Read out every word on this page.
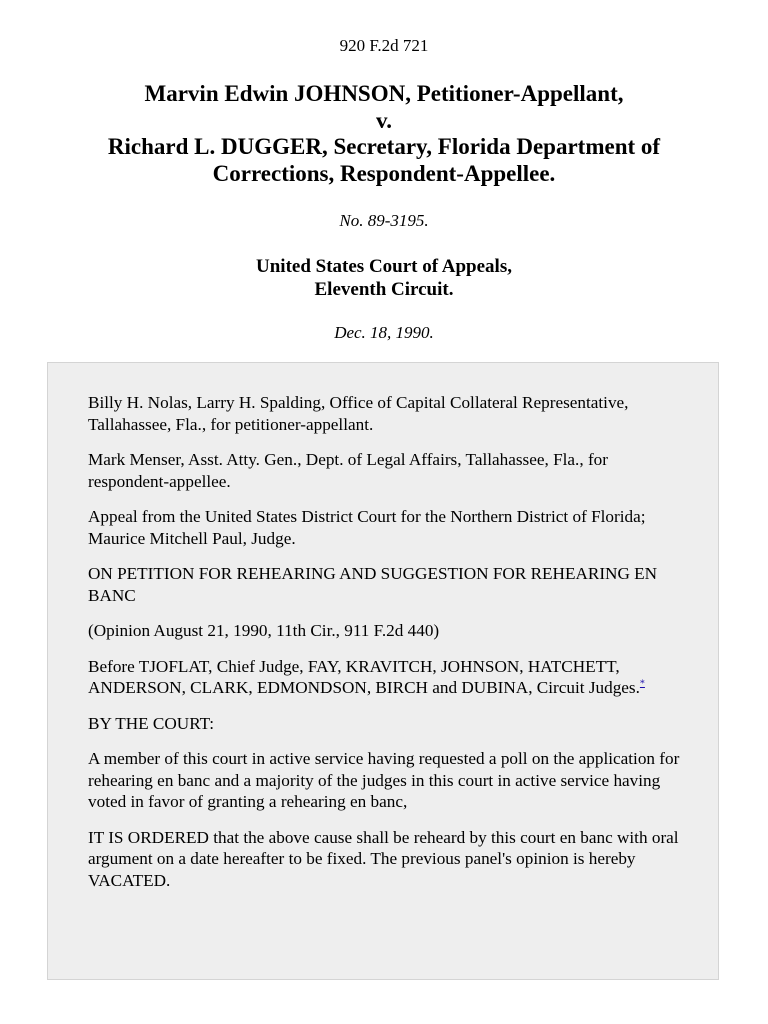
920 F.2d 721
Marvin Edwin JOHNSON, Petitioner-Appellant,
v.
Richard L. DUGGER, Secretary, Florida Department of
Corrections, Respondent-Appellee.
No. 89-3195.
United States Court of Appeals,
Eleventh Circuit.
Dec. 18, 1990.

Billy H. Nolas, Larry H. Spalding, Office of Capital Collateral Representative, Tallahassee, Fla., for petitioner-appellant.

Mark Menser, Asst. Atty. Gen., Dept. of Legal Affairs, Tallahassee, Fla., for respondent-appellee.

Appeal from the United States District Court for the Northern District of Florida; Maurice Mitchell Paul, Judge.

ON PETITION FOR REHEARING AND SUGGESTION FOR REHEARING EN BANC

(Opinion August 21, 1990, 11th Cir., 911 F.2d 440)

Before TJOFLAT, Chief Judge, FAY, KRAVITCH, JOHNSON, HATCHETT, ANDERSON, CLARK, EDMONDSON, BIRCH and DUBINA, Circuit Judges.*

BY THE COURT:

A member of this court in active service having requested a poll on the application for rehearing en banc and a majority of the judges in this court in active service having voted in favor of granting a rehearing en banc,

IT IS ORDERED that the above cause shall be reheard by this court en banc with oral argument on a date hereafter to be fixed. The previous panel's opinion is hereby VACATED.
